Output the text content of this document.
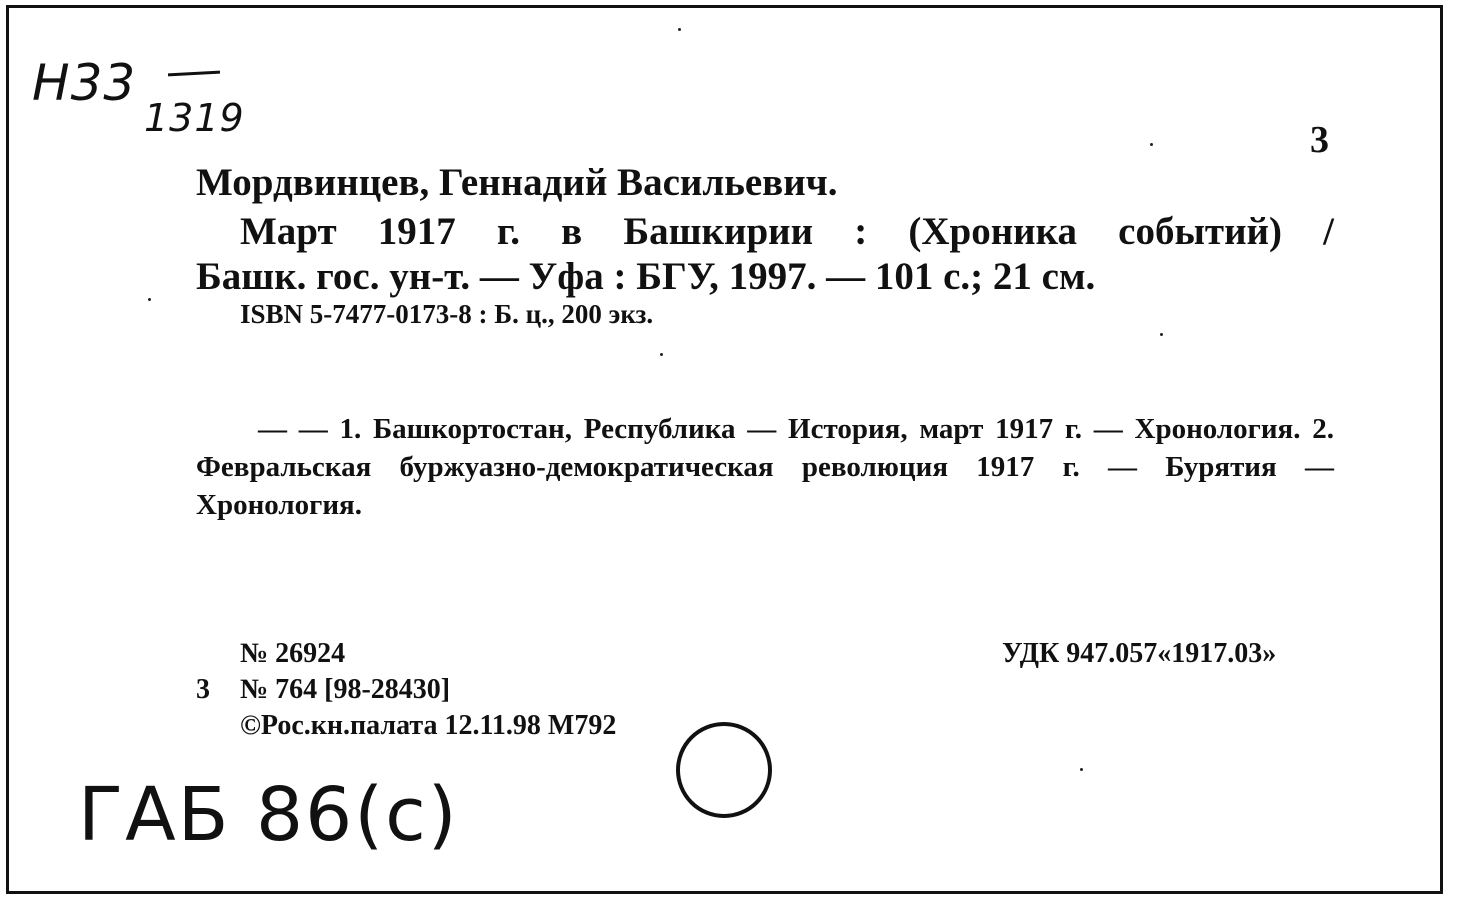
Н33
1319	3
Мордвинцев, Геннадий Васильевич.
Март 1917 г. в Башкирии : (Хроника событий) /
Башк. гос. ун-т. — Уфа : БГУ, 1997. — 101 с.; 21 см.
ISBN 5-7477-0173-8 : Б. ц., 200 экз.
— — 1. Башкортостан, Республика — История, март 1917 г. — Хронология. 2. Февральская буржуазно-демократическая революция 1917 г. — Бурятия — Хронология.
№ 26924	УДК 947.057«1917.03»
3 № 764 [98-28430]
©Рос.кн.палата 12.11.98 М792
ГАБ 86(с)
